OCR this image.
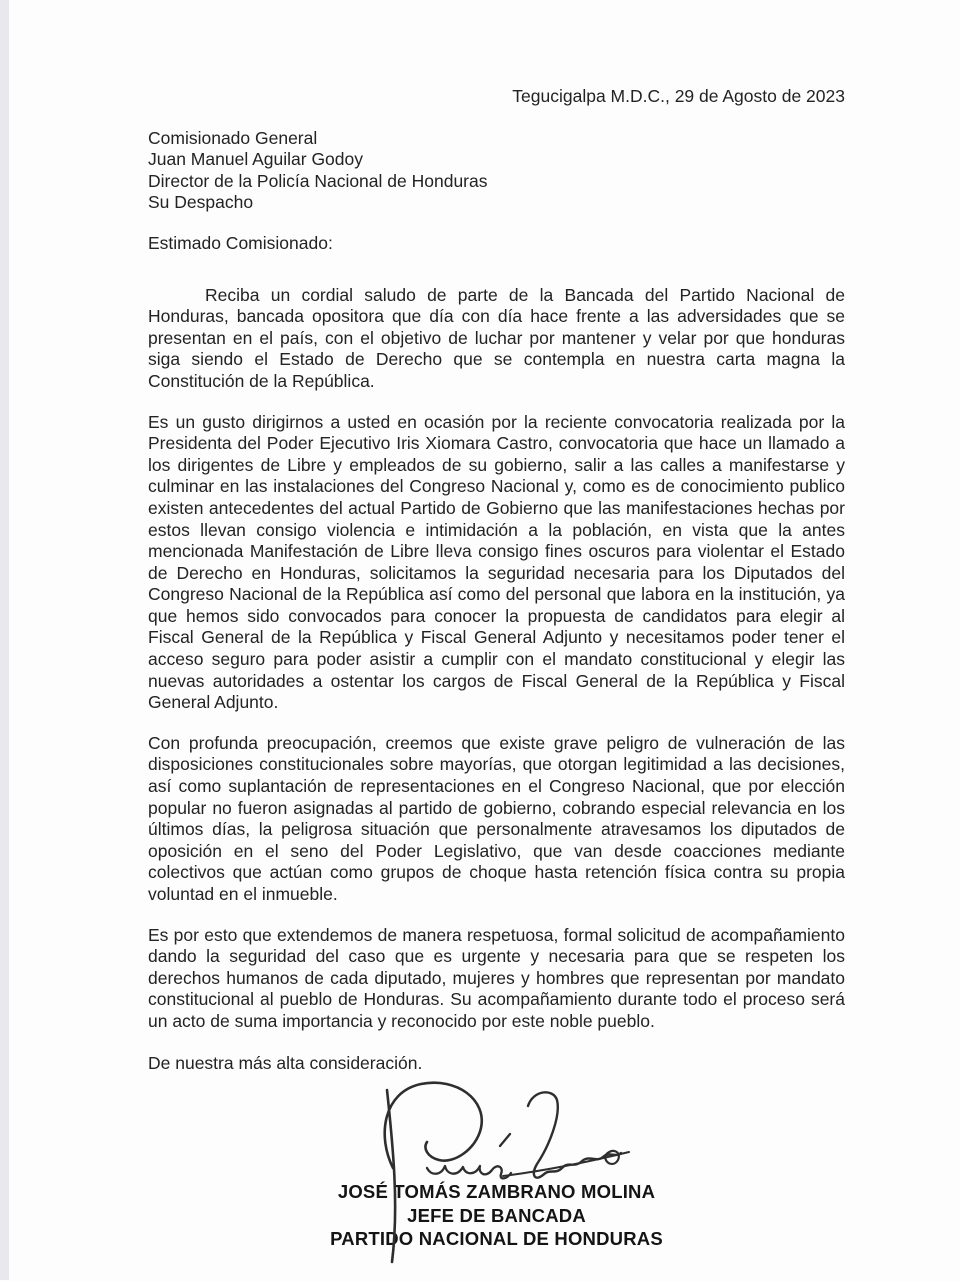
Tegucigalpa M.D.C., 29 de Agosto de 2023
Comisionado General
Juan Manuel Aguilar Godoy
Director de la Policía Nacional de Honduras
Su Despacho
Estimado Comisionado:

Reciba un cordial saludo de parte de la Bancada del Partido Nacional de Honduras, bancada opositora que día con día hace frente a las adversidades que se presentan en el país, con el objetivo de luchar por mantener y velar por que honduras siga siendo el Estado de Derecho que se contempla en nuestra carta magna la Constitución de la República.

Es un gusto dirigirnos a usted en ocasión por la reciente convocatoria realizada por la Presidenta del Poder Ejecutivo Iris Xiomara Castro, convocatoria que hace un llamado a los dirigentes de Libre y empleados de su gobierno, salir a las calles a manifestarse y culminar en las instalaciones del Congreso Nacional y, como es de conocimiento publico existen antecedentes del actual Partido de Gobierno que las manifestaciones hechas por estos llevan consigo violencia e intimidación a la población, en vista que la antes mencionada Manifestación de Libre lleva consigo fines oscuros para violentar el Estado de Derecho en Honduras, solicitamos la seguridad necesaria para los Diputados del Congreso Nacional de la República así como del personal que labora en la institución, ya que hemos sido convocados para conocer la propuesta de candidatos para elegir al Fiscal General de la República y Fiscal General Adjunto y necesitamos poder tener el acceso seguro para poder asistir a cumplir con el mandato constitucional y elegir las nuevas autoridades a ostentar los cargos de Fiscal General de la República y Fiscal General Adjunto.

Con profunda preocupación, creemos que existe grave peligro de vulneración de las disposiciones constitucionales sobre mayorías, que otorgan legitimidad a las decisiones, así como suplantación de representaciones en el Congreso Nacional, que por elección popular no fueron asignadas al partido de gobierno, cobrando especial relevancia en los últimos días, la peligrosa situación que personalmente atravesamos los diputados de oposición en el seno del Poder Legislativo, que van desde coacciones mediante colectivos que actúan como grupos de choque hasta retención física contra su propia voluntad en el inmueble.

Es por esto que extendemos de manera respetuosa, formal solicitud de acompañamiento dando la seguridad del caso que es urgente y necesaria para que se respeten los derechos humanos de cada diputado, mujeres y hombres que representan por mandato constitucional al pueblo de Honduras. Su acompañamiento durante todo el proceso será un acto de suma importancia y reconocido por este noble pueblo.

De nuestra más alta consideración.

JOSÉ TOMÁS ZAMBRANO MOLINA
JEFE DE BANCADA
PARTIDO NACIONAL DE HONDURAS
